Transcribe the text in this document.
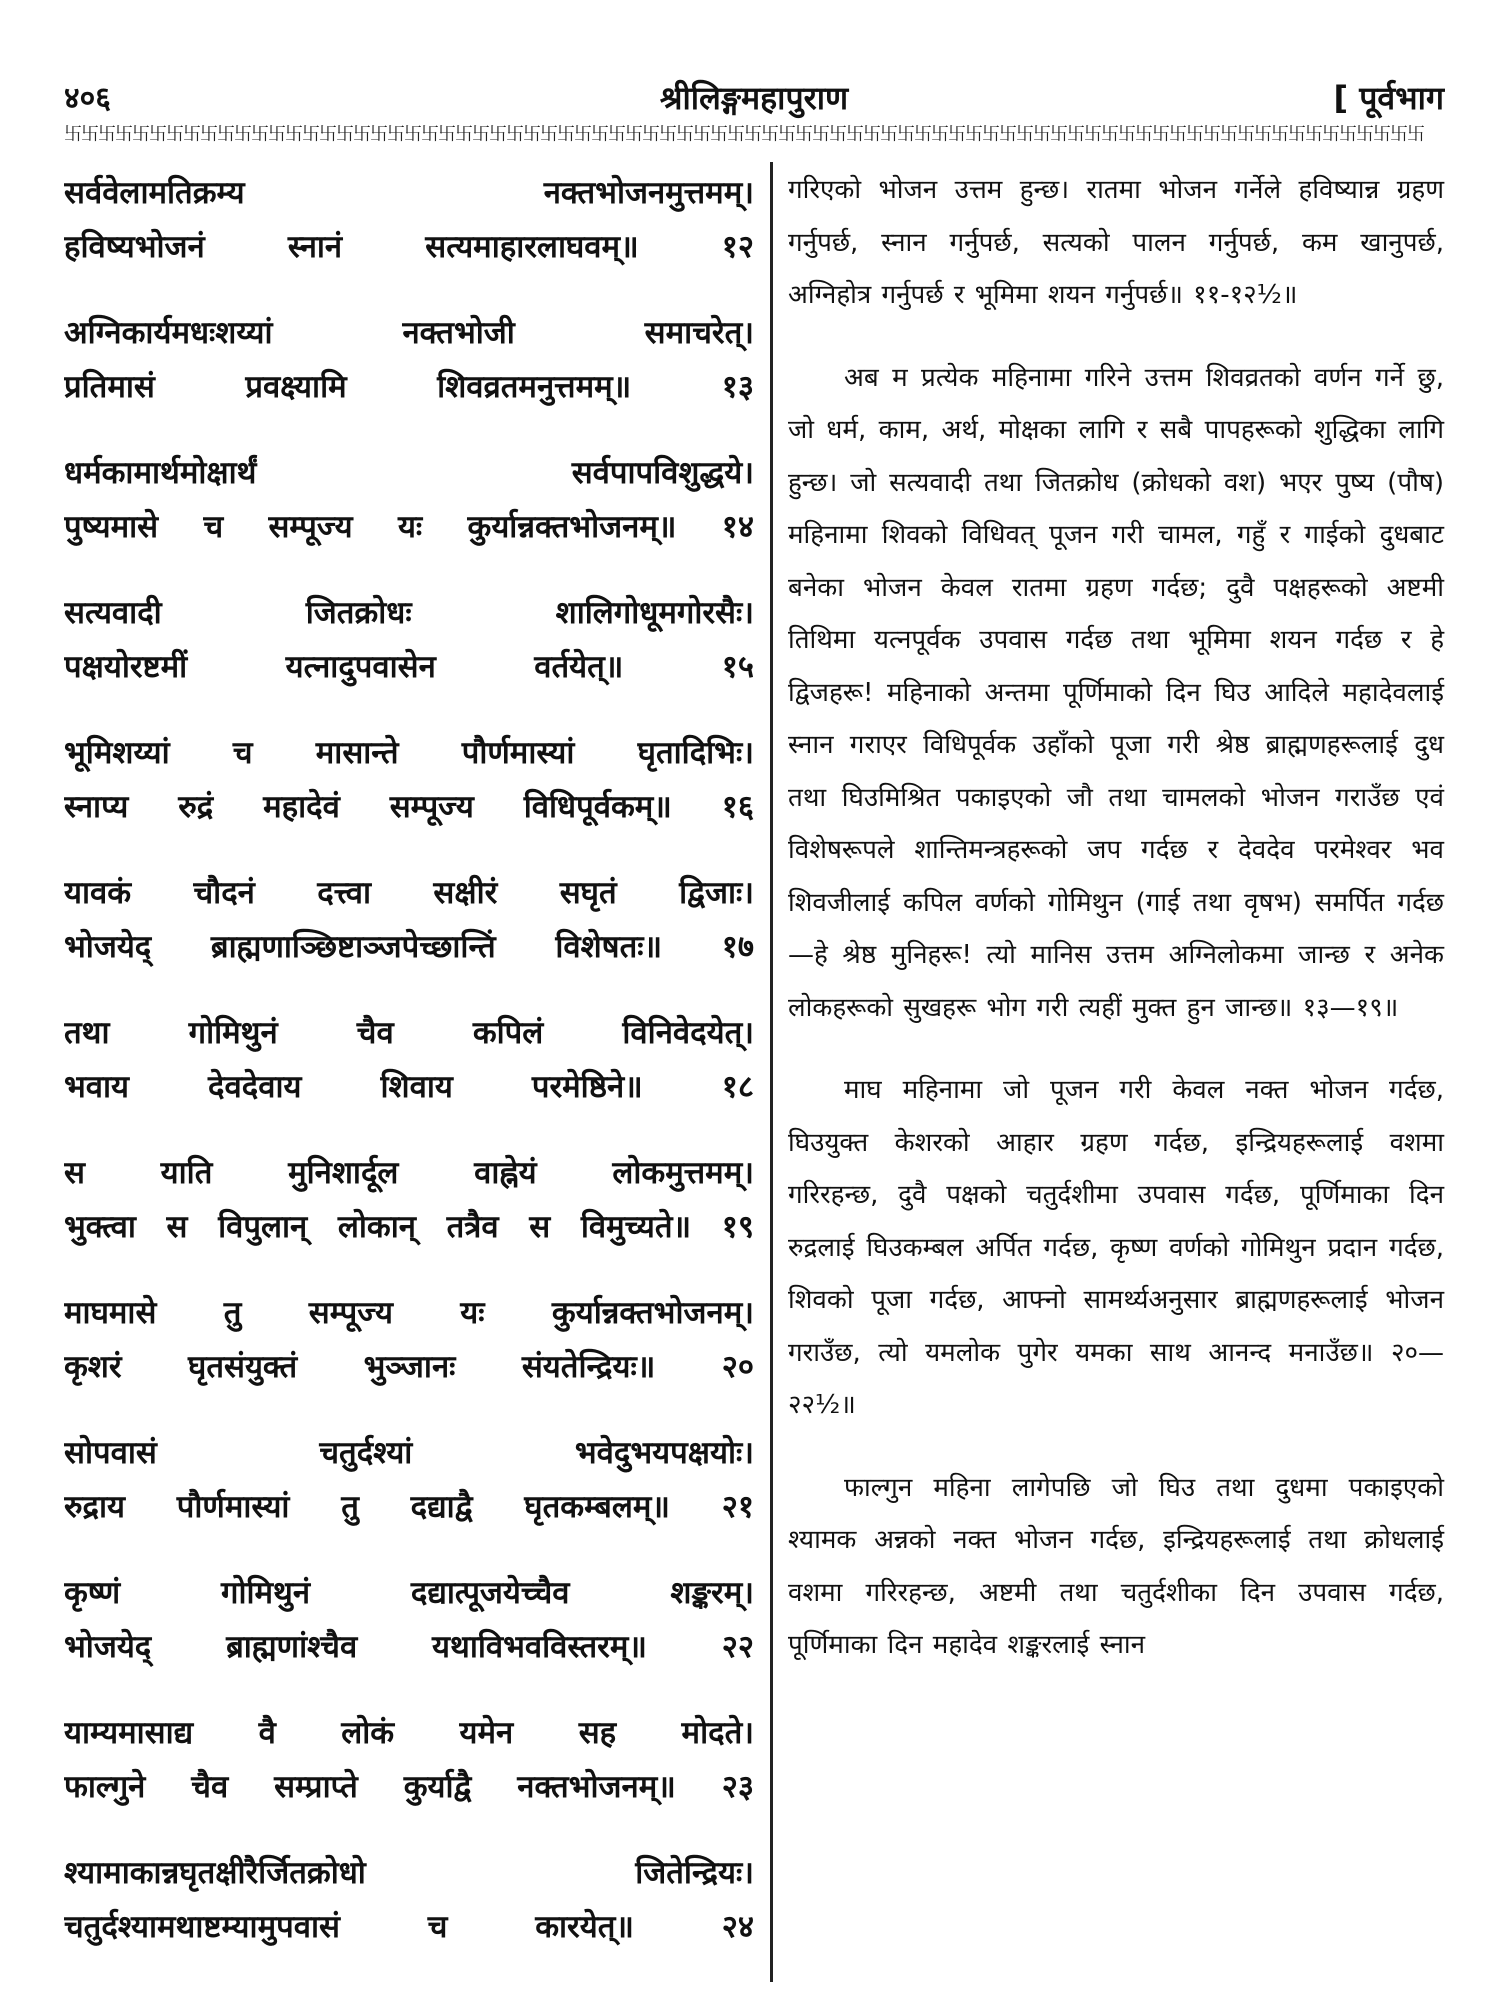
४०६	श्रीलिङ्गमहापुराण	[ पूर्वभाग
卐卐卐卐卐卐卐卐卐卐卐卐卐卐卐卐卐卐卐卐卐卐卐卐卐卐卐卐卐卐卐卐卐卐卐卐卐卐卐卐卐卐卐卐卐卐卐卐卐卐卐卐卐卐卐卐卐卐卐卐卐卐卐卐卐卐卐卐卐卐卐卐卐卐卐卐卐卐卐卐
सर्ववेलामतिक्रम्य नक्तभोजनमुत्तमम्।
हविष्यभोजनं स्नानं सत्यमाहारलाघवम्॥ १२
अग्निकार्यमधःशय्यां नक्तभोजी समाचरेत्।
प्रतिमासं प्रवक्ष्यामि शिवव्रतमनुत्तमम्॥ १३
धर्मकामार्थमोक्षार्थं सर्वपापविशुद्धये।
पुष्यमासे च सम्पूज्य यः कुर्यान्नक्तभोजनम्॥ १४
सत्यवादी जितक्रोधः शालिगोधूमगोरसैः।
पक्षयोरष्टमीं यत्नादुपवासेन वर्तयेत्॥ १५
भूमिशय्यां च मासान्ते पौर्णमास्यां घृतादिभिः।
स्नाप्य रुद्रं महादेवं सम्पूज्य विधिपूर्वकम्॥ १६
यावकं चौदनं दत्त्वा सक्षीरं सघृतं द्विजाः।
भोजयेद् ब्राह्मणाञ्छिष्टाञ्जपेच्छान्तिं विशेषतः॥ १७
तथा गोमिथुनं चैव कपिलं विनिवेदयेत्।
भवाय देवदेवाय शिवाय परमेष्ठिने॥ १८
स याति मुनिशार्दूल वाह्नेयं लोकमुत्तमम्।
भुक्त्वा स विपुलान् लोकान् तत्रैव स विमुच्यते॥ १९
माघमासे तु सम्पूज्य यः कुर्यान्नक्तभोजनम्।
कृशरं घृतसंयुक्तं भुञ्जानः संयतेन्द्रियः॥ २०
सोपवासं चतुर्दश्यां भवेदुभयपक्षयोः।
रुद्राय पौर्णमास्यां तु दद्याद्वै घृतकम्बलम्॥ २१
कृष्णं गोमिथुनं दद्यात्पूजयेच्चैव शङ्करम्।
भोजयेद् ब्राह्मणांश्चैव यथाविभवविस्तरम्॥ २२
याम्यमासाद्य वै लोकं यमेन सह मोदते।
फाल्गुने चैव सम्प्राप्ते कुर्याद्वै नक्तभोजनम्॥ २३
श्यामाकान्नघृतक्षीरैर्जितक्रोधो जितेन्द्रियः।
चतुर्दश्यामथाष्टम्यामुपवासं च कारयेत्॥ २४

गरिएको भोजन उत्तम हुन्छ। रातमा भोजन गर्नेले हविष्यान्न ग्रहण गर्नुपर्छ, स्नान गर्नुपर्छ, सत्यको पालन गर्नुपर्छ, कम खानुपर्छ, अग्निहोत्र गर्नुपर्छ र भूमिमा शयन गर्नुपर्छ॥ ११-१२½॥

अब म प्रत्येक महिनामा गरिने उत्तम शिवव्रतको वर्णन गर्ने छु, जो धर्म, काम, अर्थ, मोक्षका लागि र सबै पापहरूको शुद्धिका लागि हुन्छ। जो सत्यवादी तथा जितक्रोध (क्रोधको वश) भएर पुष्य (पौष) महिनामा शिवको विधिवत् पूजन गरी चामल, गहुँ र गाईको दुधबाट बनेका भोजन केवल रातमा ग्रहण गर्दछ; दुवै पक्षहरूको अष्टमी तिथिमा यत्नपूर्वक उपवास गर्दछ तथा भूमिमा शयन गर्दछ र हे द्विजहरू! महिनाको अन्तमा पूर्णिमाको दिन घिउ आदिले महादेवलाई स्नान गराएर विधिपूर्वक उहाँको पूजा गरी श्रेष्ठ ब्राह्मणहरूलाई दुध तथा घिउमिश्रित पकाइएको जौ तथा चामलको भोजन गराउँछ एवं विशेषरूपले शान्तिमन्त्रहरूको जप गर्दछ र देवदेव परमेश्वर भव शिवजीलाई कपिल वर्णको गोमिथुन (गाई तथा वृषभ) समर्पित गर्दछ—हे श्रेष्ठ मुनिहरू! त्यो मानिस उत्तम अग्निलोकमा जान्छ र अनेक लोकहरूको सुखहरू भोग गरी त्यहीं मुक्त हुन जान्छ॥ १३—१९॥

माघ महिनामा जो पूजन गरी केवल नक्त भोजन गर्दछ, घिउयुक्त केशरको आहार ग्रहण गर्दछ, इन्द्रियहरूलाई वशमा गरिरहन्छ, दुवै पक्षको चतुर्दशीमा उपवास गर्दछ, पूर्णिमाका दिन रुद्रलाई घिउकम्बल अर्पित गर्दछ, कृष्ण वर्णको गोमिथुन प्रदान गर्दछ, शिवको पूजा गर्दछ, आफ्नो सामर्थ्यअनुसार ब्राह्मणहरूलाई भोजन गराउँछ, त्यो यमलोक पुगेर यमका साथ आनन्द मनाउँछ॥ २०—२२½॥

फाल्गुन महिना लागेपछि जो घिउ तथा दुधमा पकाइएको श्यामक अन्नको नक्त भोजन गर्दछ, इन्द्रियहरूलाई तथा क्रोधलाई वशमा गरिरहन्छ, अष्टमी तथा चतुर्दशीका दिन उपवास गर्दछ, पूर्णिमाका दिन महादेव शङ्करलाई स्नान
